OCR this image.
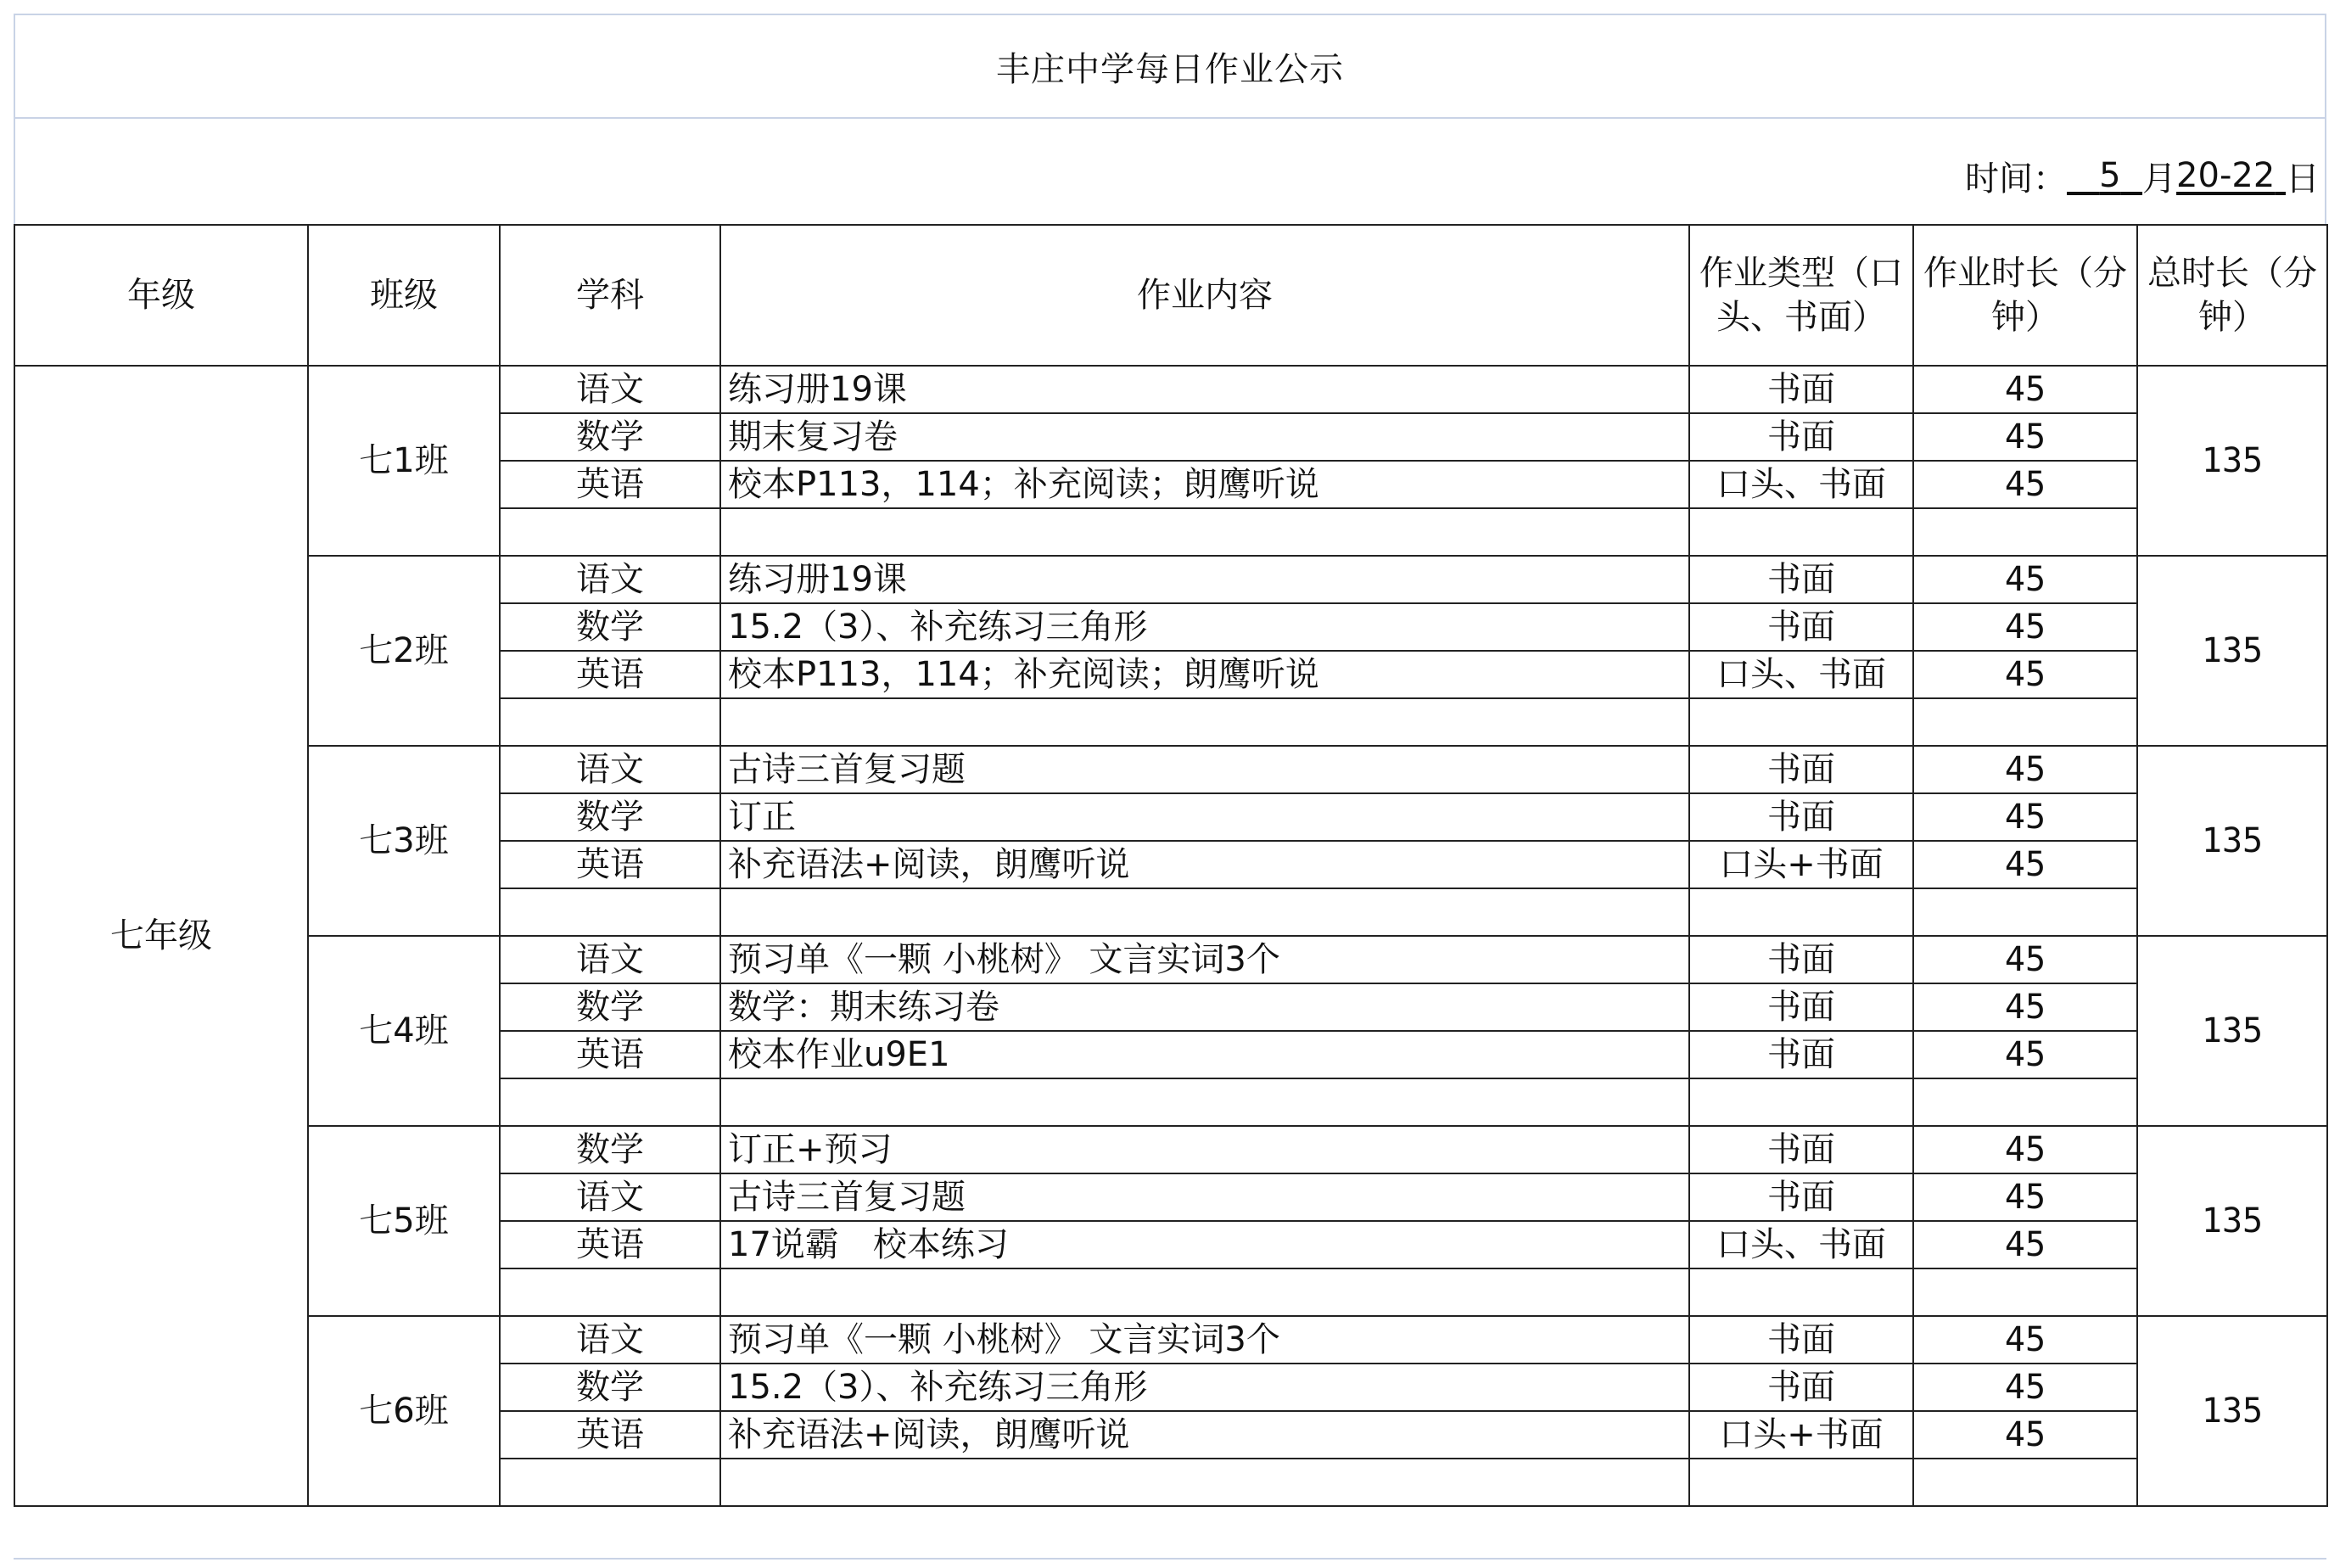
丰庄中学每日作业公示
时间： 5 月 20-22 日
年级	班级	学科	作业内容	作业类型（口头、书面）	作业时长（分钟）	总时长（分钟）

七年级	七1班	语文	练习册19课	书面	45	135
		数学	期末复习卷	书面	45	
		英语	校本P113，114；补充阅读；朗鹰听说	口头、书面	45	

	七2班	语文	练习册19课	书面	45	135
		数学	15.2（3）、补充练习三角形	书面	45	
		英语	校本P113，114；补充阅读；朗鹰听说	口头、书面	45	

	七3班	语文	古诗三首复习题	书面	45	135
		数学	订正	书面	45	
		英语	补充语法+阅读，朗鹰听说	口头+书面	45	

	七4班	语文	预习单《一颗 小桃树》 文言实词3个	书面	45	135
		数学	数学：期末练习卷	书面	45	
		英语	校本作业u9E1	书面	45	

	七5班	数学	订正+预习	书面	45	135
		语文	古诗三首复习题	书面	45	
		英语	17说霸　校本练习	口头、书面	45	

	七6班	语文	预习单《一颗 小桃树》 文言实词3个	书面	45	135
		数学	15.2（3）、补充练习三角形	书面	45	
		英语	补充语法+阅读，朗鹰听说	口头+书面	45	
